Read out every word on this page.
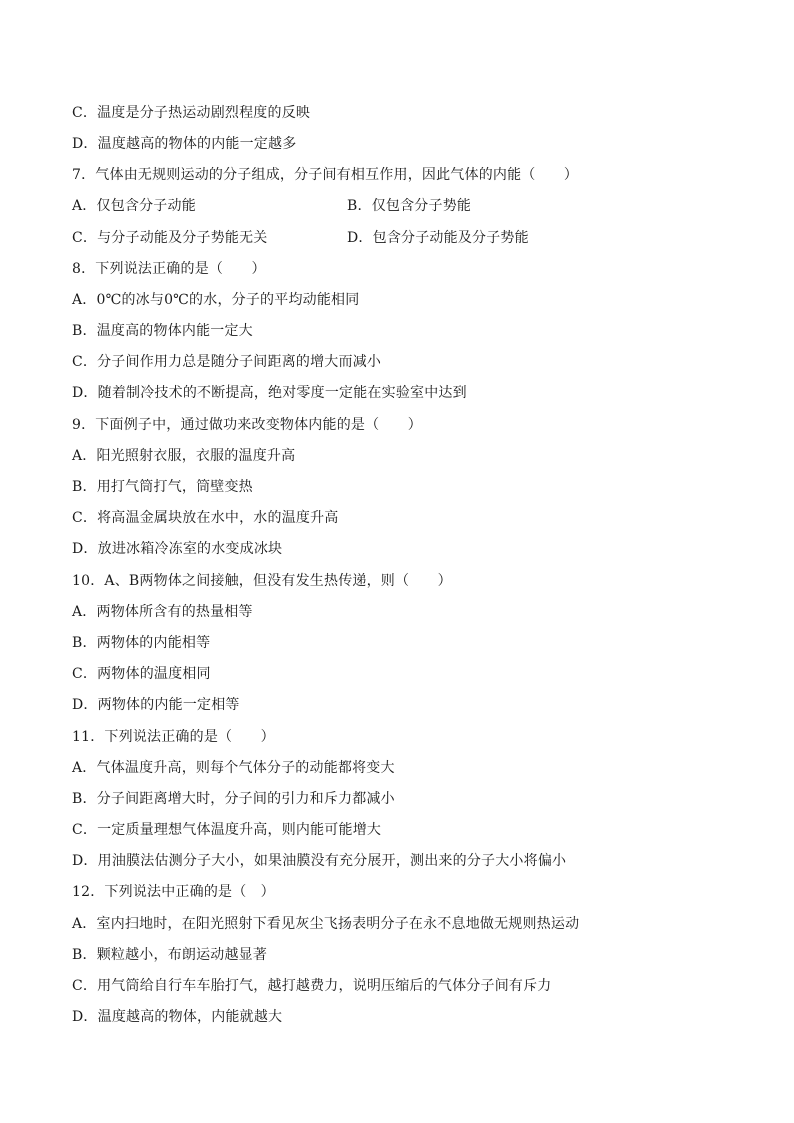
C．温度是分子热运动剧烈程度的反映
D．温度越高的物体的内能一定越多
7．气体由无规则运动的分子组成，分子间有相互作用，因此气体的内能（　　）
A．仅包含分子动能	B．仅包含分子势能
C．与分子动能及分子势能无关	D．包含分子动能及分子势能
8．下列说法正确的是（　　）
A．0℃的冰与0℃的水，分子的平均动能相同
B．温度高的物体内能一定大
C．分子间作用力总是随分子间距离的增大而减小
D．随着制冷技术的不断提高，绝对零度一定能在实验室中达到
9．下面例子中，通过做功来改变物体内能的是（　　）
A．阳光照射衣服，衣服的温度升高
B．用打气筒打气，筒壁变热
C．将高温金属块放在水中，水的温度升高
D．放进冰箱冷冻室的水变成冰块
10．A、B两物体之间接触，但没有发生热传递，则（　　）
A．两物体所含有的热量相等
B．两物体的内能相等
C．两物体的温度相同
D．两物体的内能一定相等
11．下列说法正确的是（　　）
A．气体温度升高，则每个气体分子的动能都将变大
B．分子间距离增大时，分子间的引力和斥力都减小
C．一定质量理想气体温度升高，则内能可能增大
D．用油膜法估测分子大小，如果油膜没有充分展开，测出来的分子大小将偏小
12．下列说法中正确的是（　）
A．室内扫地时，在阳光照射下看见灰尘飞扬表明分子在永不息地做无规则热运动
B．颗粒越小，布朗运动越显著
C．用气筒给自行车车胎打气，越打越费力，说明压缩后的气体分子间有斥力
D．温度越高的物体，内能就越大
